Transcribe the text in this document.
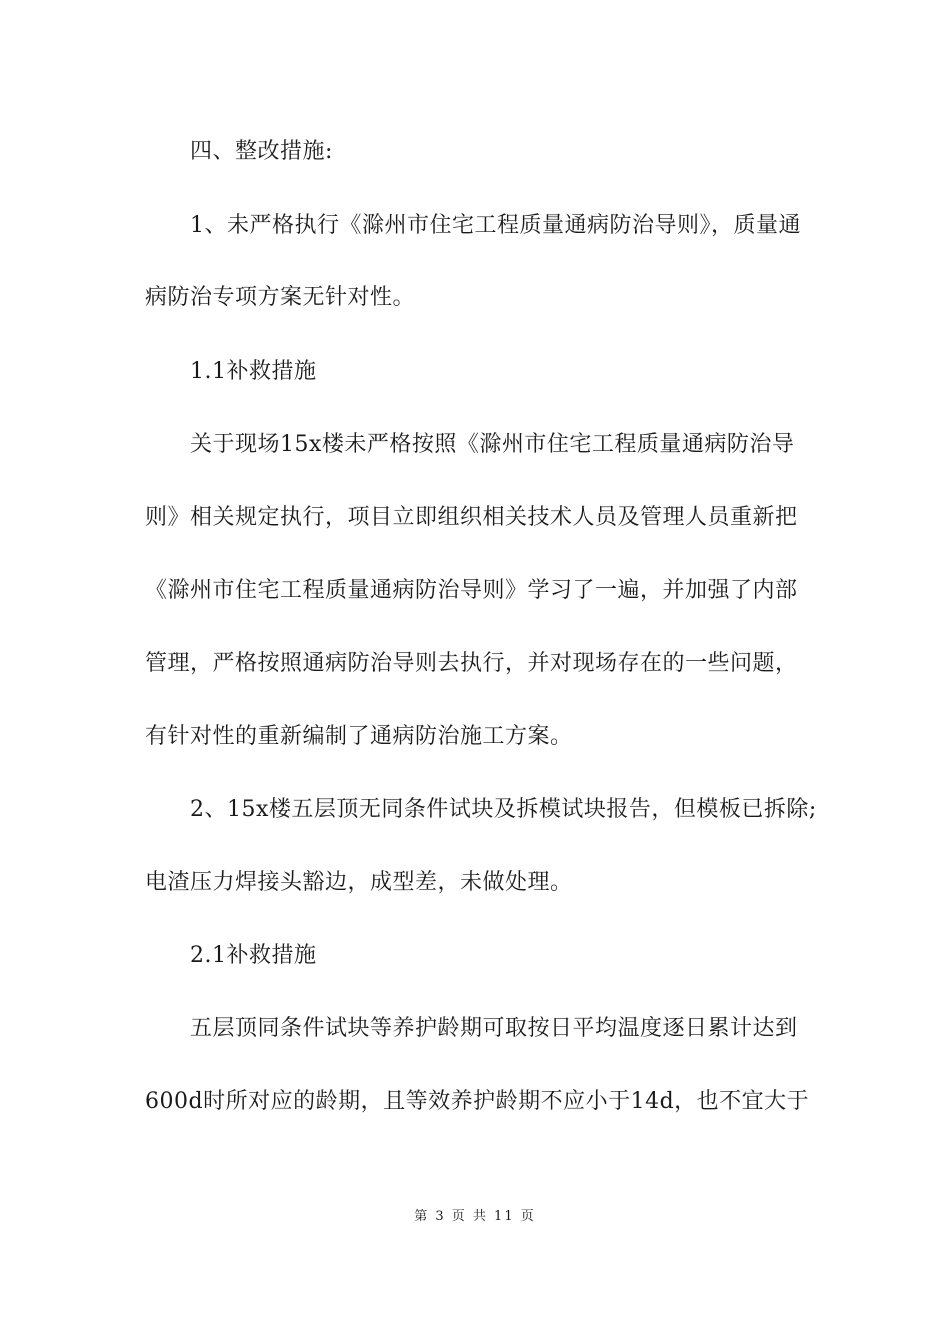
四、整改措施:
1、未严格执行《滁州市住宅工程质量通病防治导则》，质量通
病防治专项方案无针对性。
1.1补救措施
关于现场15x楼未严格按照《滁州市住宅工程质量通病防治导
则》相关规定执行，项目立即组织相关技术人员及管理人员重新把
《滁州市住宅工程质量通病防治导则》学习了一遍，并加强了内部
管理，严格按照通病防治导则去执行，并对现场存在的一些问题，
有针对性的重新编制了通病防治施工方案。
2、15x楼五层顶无同条件试块及拆模试块报告，但模板已拆除;
电渣压力焊接头豁边，成型差，未做处理。
2.1补救措施
五层顶同条件试块等养护龄期可取按日平均温度逐日累计达到
600d时所对应的龄期，且等效养护龄期不应小于14d，也不宜大于
第 3 页 共 11 页
